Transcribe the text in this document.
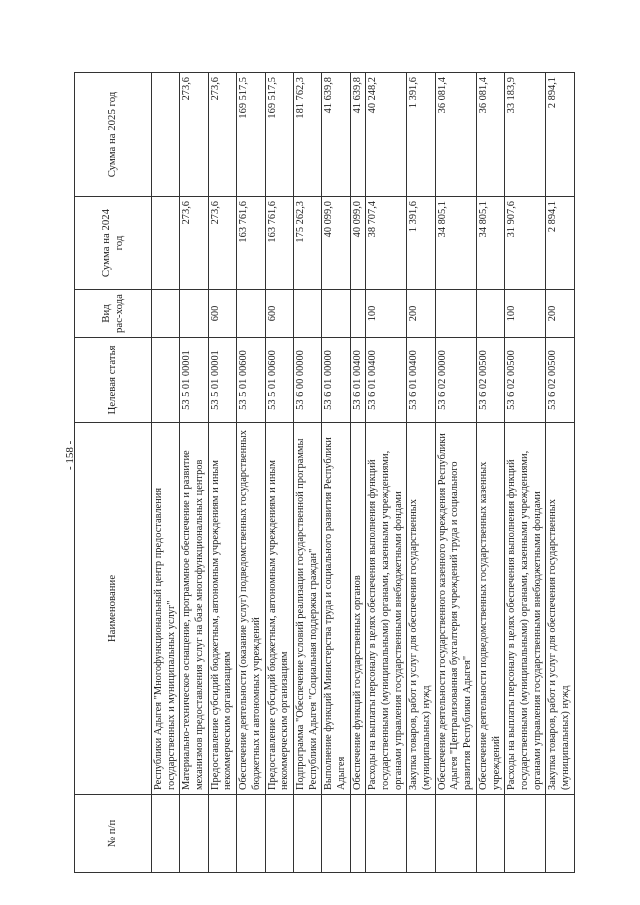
- 158 -
№ п/п	Наименование	Целевая статья	Вид рас-хода	Сумма на 2024 год	Сумма на 2025 год
	Республики Адыгея "Многофункциональный центр предоставления государственных и муниципальных услуг"				
	Материально-техническое оснащение, программное обеспечение и развитие механизмов предоставления услуг на базе многофункциональных центров	53 5 01 00001		273,6	273,6
	Предоставление субсидий бюджетным, автономным учреждениям и иным некоммерческим организациям	53 5 01 00001	600	273,6	273,6
	Обеспечение деятельности (оказание услуг) подведомственных государственных бюджетных и автономных учреждений	53 5 01 00600		163 761,6	169 517,5
	Предоставление субсидий бюджетным, автономным учреждениям и иным некоммерческим организациям	53 5 01 00600	600	163 761,6	169 517,5
	Подпрограмма "Обеспечение условий реализации государственной программы Республики Адыгея "Социальная поддержка граждан"	53 6 00 00000		175 262,3	181 762,3
	Выполнение функций Министерства труда и социального развития Республики Адыгея	53 6 01 00000		40 099,0	41 639,8
	Обеспечение функций государственных органов	53 6 01 00400		40 099,0	41 639,8
	Расходы на выплаты персоналу в целях обеспечения выполнения функций государственными (муниципальными) органами, казенными учреждениями, органами управления государственными внебюджетными фондами	53 6 01 00400	100	38 707,4	40 248,2
	Закупка товаров, работ и услуг для обеспечения государственных (муниципальных) нужд	53 6 01 00400	200	1 391,6	1 391,6
	Обеспечение деятельности государственного казенного учреждения Республики Адыгея "Централизованная бухгалтерия учреждений труда и социального развития Республики Адыгея"	53 6 02 00000		34 805,1	36 081,4
	Обеспечение деятельности подведомственных государственных казенных учреждений	53 6 02 00500		34 805,1	36 081,4
	Расходы на выплаты персоналу в целях обеспечения выполнения функций государственными (муниципальными) органами, казенными учреждениями, органами управления государственными внебюджетными фондами	53 6 02 00500	100	31 907,6	33 183,9
	Закупка товаров, работ и услуг для обеспечения государственных (муниципальных) нужд	53 6 02 00500	200	2 894,1	2 894,1
